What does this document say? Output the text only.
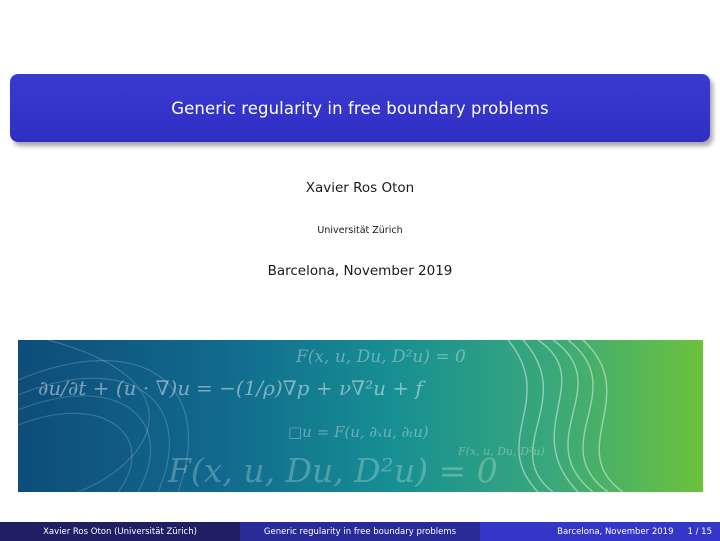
Generic regularity in free boundary problems
Xavier Ros Oton
Universität Zürich
Barcelona, November 2019
F(x, u, Du, D²u) = 0
∂u/∂t + (u · ∇)u = −(1/ρ)∇p + ν∇²u + f
□u = F(u, ∂ₓu, ∂ₜu)
F(x, u, Du, D²u)
F(x, u, Du, D²u) = 0
Xavier Ros Oton (Universität Zürich)	Generic regularity in free boundary problems	Barcelona, November 2019 1 / 15
